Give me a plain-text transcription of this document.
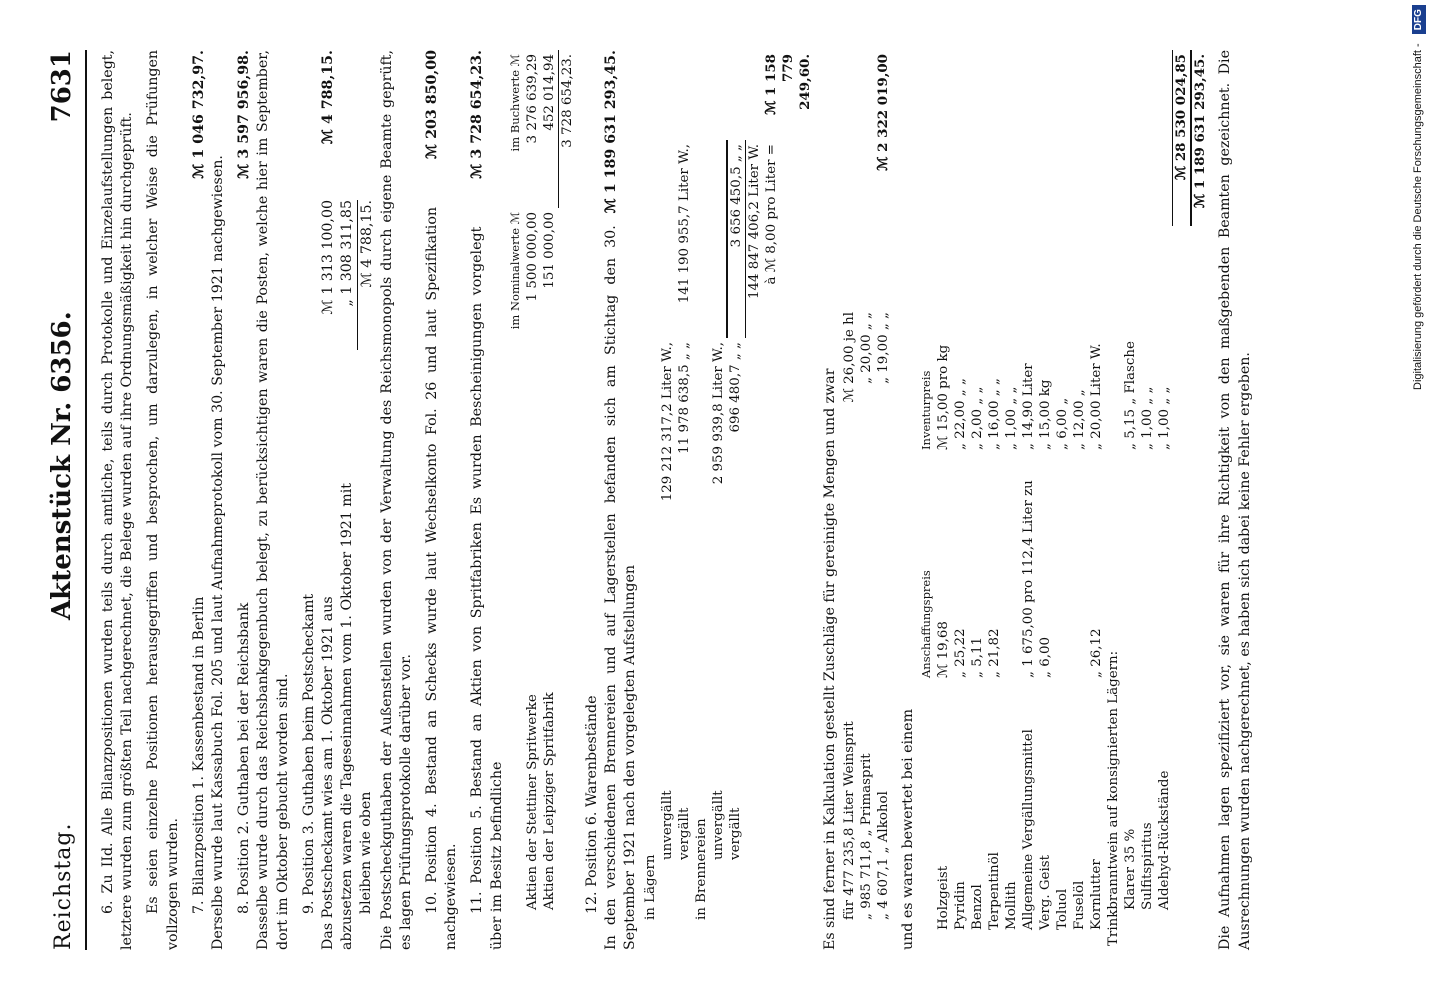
Reichstag.
Aktenstück Nr. 6356.
7631 6. Zu IId. Alle Bilanzpositionen wurden teils durch amtliche, teils durch Protokolle und Einzelaufstellungen belegt, letztere wurden zum größten Teil nachgerechnet, die Belege wurden auf ihre Ordnungsmäßigkeit hin durchgeprüft. Es seien einzelne Positionen herausgegriffen und besprochen, um darzulegen, in welcher Weise die Prüfungen vollzogen wurden.

ℳ 1 046 732,97.
7. Bilanzposition 1. Kassenbestand in Berlin Derselbe wurde laut Kassabuch Fol. 205 und laut Aufnahmeprotokoll vom 30. September 1921 nachgewiesen.

ℳ 3 597 956,98.
8. Position 2. Guthaben bei der Reichsbank Dasselbe wurde durch das Reichsbankgegenbuch belegt, zu berücksichtigen waren die Posten, welche hier im September, dort im Oktober gebucht worden sind. 9. Position 3. Guthaben beim Postscheckamt Das Postscheckamt wies am 1. Oktober 1921 aus
ℳ 1 313 100,00
ℳ 4 788,15.
abzusetzen waren die Tageseinnahmen vom 1. Oktober 1921 mit
„ 1 308 311,85
bleiben wie oben
ℳ 4 788,15. Die Postscheckguthaben der Außenstellen wurden von der Verwaltung des Reichsmonopols durch eigene Beamte geprüft, es lagen Prüfungsprotokolle darüber vor.

ℳ 203 850,00
10. Position 4. Bestand an Schecks wurde laut Wechselkonto Fol. 26 und laut Spezifikation nachgewiesen.

ℳ 3 728 654,23.
11. Position 5. Bestand an Aktien von Spritfabriken Es wurden Bescheinigungen vorgelegt über im Besitz befindliche
	im Nominalwerte ℳ	im Buchwerte ℳ
Aktien der Stettiner Spritwerke	1 500 000,00	3 276 639,29
Aktien der Leipziger Spritfabrik	151 000,00	452 014,94
		3 728 654,23.
12. Position 6. Warenbestände
ℳ 1 189 631 293,45.
In den verschiedenen Brennereien und auf Lagerstellen befanden sich am Stichtag den 30. September 1921 nach den vorgelegten Aufstellungen in Lägern			
unvergällt	129 212 317,2 Liter W.,		
vergällt	11 978 638,5 „ „	141 190 955,7 Liter W.,	
in Brennereien			
unvergällt	2 959 939,8 Liter W.,		
vergällt	696 480,7 „ „	3 656 450,5 „ „	
		144 847 406,2 Liter W.	
		à ℳ 8,00 pro Liter =	ℳ 1 158 779 249,60.
Es sind ferner in Kalkulation gestellt Zuschläge für gereinigte Mengen und zwar für 477 235,8 Liter Weinsprit	ℳ 26,00 je hl	
„ 985 711,8 „ Primasprit	„ 20,00 „ „	
„ 4 607,1 „ Alkohol	„ 19,00 „ „	ℳ 2 322 019,00
und es waren bewertet bei einem
	Anschaffungspreis	Inventurpreis	
Holzgeist	ℳ 19,68	ℳ 15,00 pro kg	
Pyridin	„ 25,22	„ 22,00 „ „	
Benzol	„ 5,11	„ 2,00 „ „	
Terpentinöl	„ 21,82	„ 16,00 „ „	
Mollith		„ 1,00 „ „	
Allgemeine Vergällungsmittel	„ 1 675,00 pro 112,4 Liter zu	„ 14,90 Liter	
Verg. Geist	„ 6,00	„ 15,00 kg	
Toluol		„ 6,00 „	
Fuselöl		„ 12,00 „	
Kornlutter	„ 26,12	„ 20,00 Liter W.	
Trinkbranntwein auf konsignierten Lägern:			
Klarer 35 %		„ 5,15 „ Flasche	
Sulfitspiritus		„ 1,00 „ „	
Aldehyd-Rückstände		„ 1,00 „ „	
			ℳ 28 530 024,85
			ℳ 1 189 631 293,45. Die Aufnahmen lagen spezifiziert vor, sie waren für ihre Richtigkeit von den maßgebenden Beamten gezeichnet. Die Ausrechnungen wurden nachgerechnet, es haben sich dabei keine Fehler ergeben.

Digitalisierung gefördert durch die Deutsche Forschungsgemeinschaft - DFG
